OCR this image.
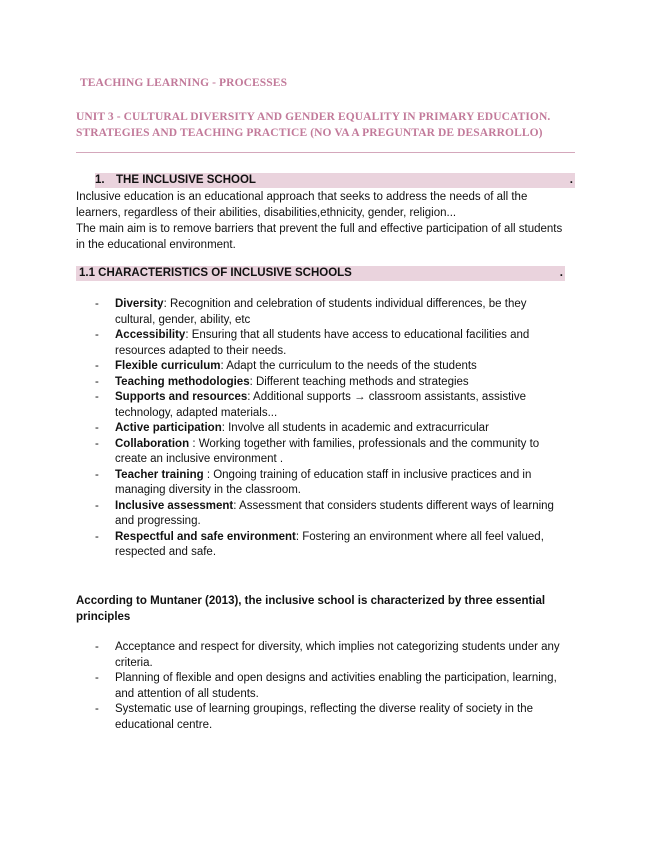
TEACHING LEARNING - PROCESSES
UNIT 3 - CULTURAL DIVERSITY AND GENDER EQUALITY IN PRIMARY EDUCATION.
STRATEGIES AND TEACHING PRACTICE (NO VA A PREGUNTAR DE DESARROLLO)
1. THE INCLUSIVE SCHOOL	.
Inclusive education is an educational approach that seeks to address the needs of all the
learners, regardless of their abilities, disabilities,ethnicity, gender, religion...
The main aim is to remove barriers that prevent the full and effective participation of all students
in the educational environment.
1.1 CHARACTERISTICS OF INCLUSIVE SCHOOLS	.
- Diversity: Recognition and celebration of students individual differences, be they
cultural, gender, ability, etc
- Accessibility: Ensuring that all students have access to educational facilities and
resources adapted to their needs.
- Flexible curriculum: Adapt the curriculum to the needs of the students
- Teaching methodologies: Different teaching methods and strategies
- Supports and resources: Additional supports → classroom assistants, assistive
technology, adapted materials...
- Active participation: Involve all students in academic and extracurricular
- Collaboration : Working together with families, professionals and the community to
create an inclusive environment .
- Teacher training : Ongoing training of education staff in inclusive practices and in
managing diversity in the classroom.
- Inclusive assessment: Assessment that considers students different ways of learning
and progressing.
- Respectful and safe environment: Fostering an environment where all feel valued,
respected and safe.
According to Muntaner (2013), the inclusive school is characterized by three essential
principles
- Acceptance and respect for diversity, which implies not categorizing students under any
criteria.
- Planning of flexible and open designs and activities enabling the participation, learning,
and attention of all students.
- Systematic use of learning groupings, reflecting the diverse reality of society in the
educational centre.
